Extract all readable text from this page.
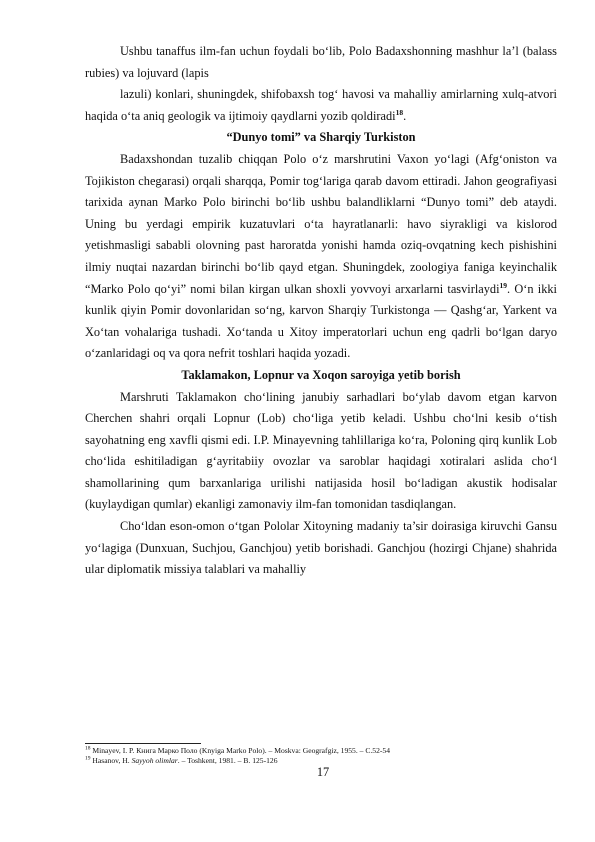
Ushbu tanaffus ilm-fan uchun foydali bo‘lib, Polo Badaxshonning mashhur la’l (balass rubies) va lojuvard (lapis

lazuli) konlari, shuningdek, shifobaxsh tog‘ havosi va mahalliy amirlarning xulq-atvori haqida o‘ta aniq geologik va ijtimoiy qaydlarni yozib qoldiradi$^{18}$.

“Dunyo tomi” va Sharqiy Turkiston

Badaxshondan tuzalib chiqqan Polo o‘z marshrutini Vaxon yo‘lagi (Afg‘oniston va Tojikiston chegarasi) orqali sharqqa, Pomir tog‘lariga qarab davom ettiradi. Jahon geografiyasi tarixida aynan Marko Polo birinchi bo‘lib ushbu balandliklarni “Dunyo tomi” deb ataydi. Uning bu yerdagi empirik kuzatuvlari o‘ta hayratlanarli: havo siyrakligi va kislorod yetishmasligi sababli olovning past haroratda yonishi hamda oziq-ovqatning kech pishishini ilmiy nuqtai nazardan birinchi bo‘lib qayd etgan. Shuningdek, zoologiya faniga keyinchalik “Marko Polo qo‘yi” nomi bilan kirgan ulkan shoxli yovvoyi arxarlarni tasvirlaydi$^{19}$. O‘n ikki kunlik qiyin Pomir dovonlaridan so‘ng, karvon Sharqiy Turkistonga — Qashg‘ar, Yarkent va Xo‘tan vohalariga tushadi. Xo‘tanda u Xitoy imperatorlari uchun eng qadrli bo‘lgan daryo o‘zanlaridagi oq va qora nefrit toshlari haqida yozadi.

Taklamakon, Lopnur va Xoqon saroyiga yetib borish

Marshruti Taklamakon cho‘lining janubiy sarhadlari bo‘ylab davom etgan karvon Cherchen shahri orqali Lopnur (Lob) cho‘liga yetib keladi. Ushbu cho‘lni kesib o‘tish sayohatning eng xavfli qismi edi. I.P. Minayevning tahlillariga ko‘ra, Poloning qirq kunlik Lob cho‘lida eshitiladigan g‘ayritabiiy ovozlar va saroblar haqidagi xotiralari aslida cho‘l shamollarining qum barxanlariga urilishi natijasida hosil bo‘ladigan akustik hodisalar (kuylaydigan qumlar) ekanligi zamonaviy ilm-fan tomonidan tasdiqlangan.

Cho‘ldan eson-omon o‘tgan Pololar Xitoyning madaniy ta’sir doirasiga kiruvchi Gansu yo‘lagiga (Dunxuan, Suchjou, Ganchjou) yetib borishadi. Ganchjou (hozirgi Chjane) shahrida ular diplomatik missiya talablari va mahalliy

$^{18}$ Minayev, I. P. Книга Марко Поло (Knyiga Marko Polo). – Moskva: Geografgiz, 1955. – C.52-54

$^{19}$ Hasanov, H. Sayyoh olimlar. – Toshkent, 1981. – B. 125-126

17
